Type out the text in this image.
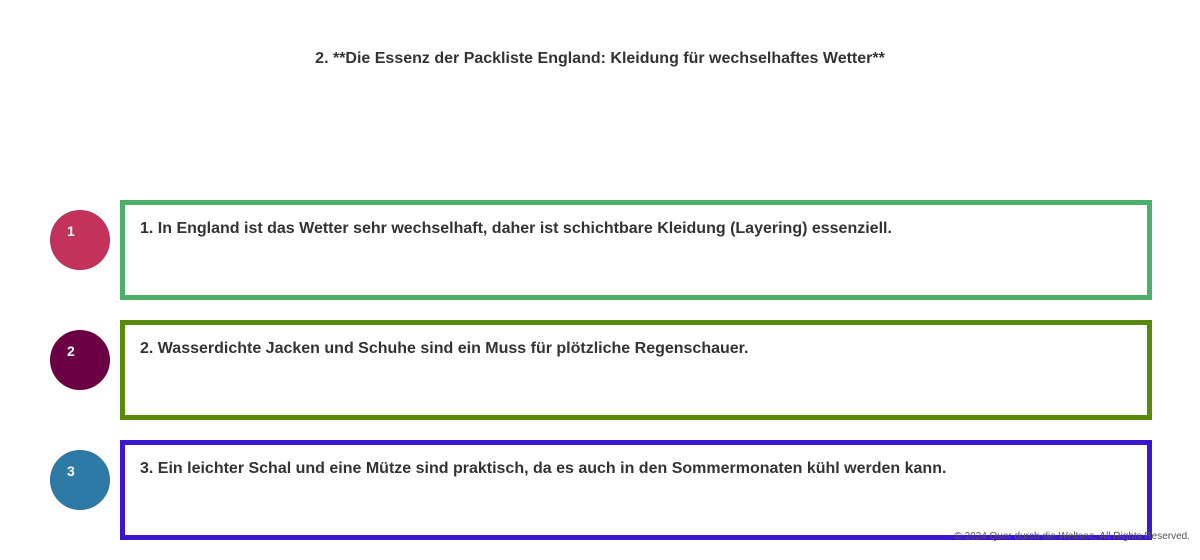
2. **Die Essenz der Packliste England: Kleidung für wechselhaftes Wetter**
1	1. In England ist das Wetter sehr wechselhaft, daher ist schichtbare Kleidung (Layering) essenziell.
2	2. Wasserdichte Jacken und Schuhe sind ein Muss für plötzliche Regenschauer.
3	3. Ein leichter Schal und eine Mütze sind praktisch, da es auch in den Sommermonaten kühl werden kann.
© 2024 Quer durch die Weltsee. All Rights Reserved.
